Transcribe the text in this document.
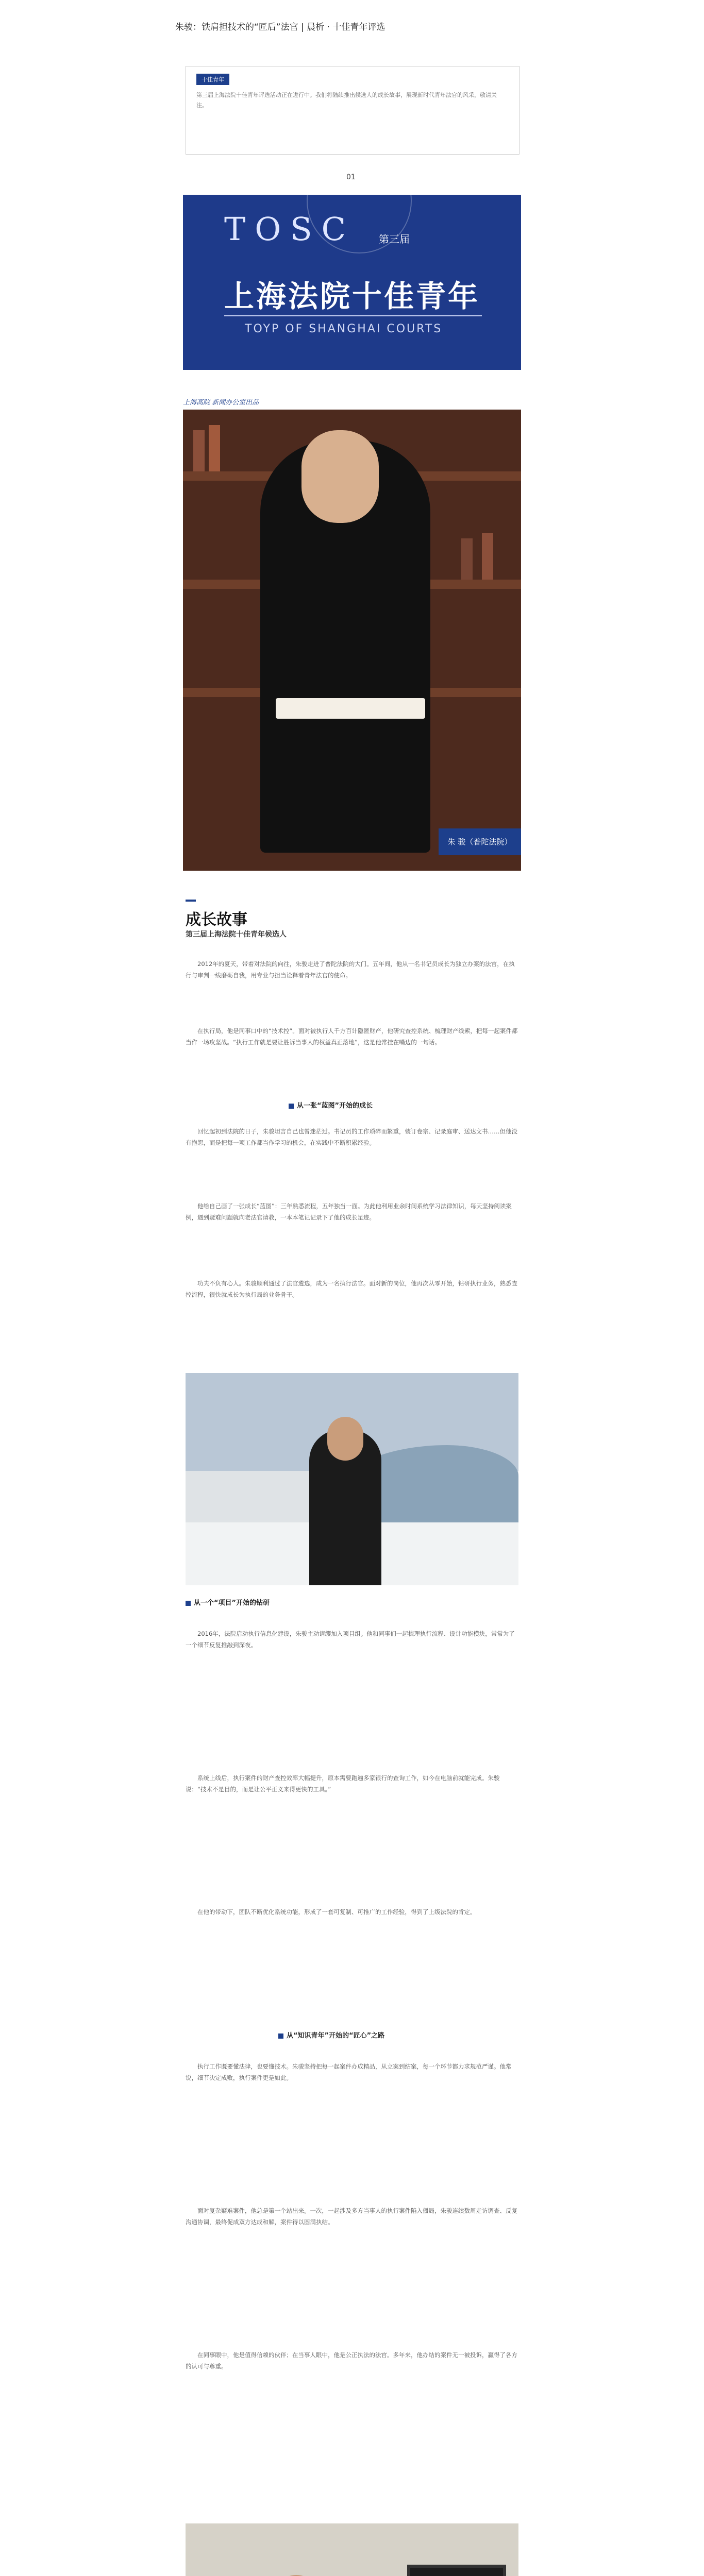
朱骏：铁肩担技术的“匠后”法官 | 晨析 · 十佳青年评选
十佳青年
第三届上海法院十佳青年评选活动正在进行中。我们将陆续推出候选人的成长故事，展现新时代青年法官的风采，敬请关注。
01
TOSC 第三届
上海法院十佳青年
TOYP OF SHANGHAI COURTS
上海高院 新闻办公室出品
朱 骏（普陀法院）
成长故事
第三届上海法院十佳青年候选人
2012年的夏天，带着对法院的向往，朱骏走进了普陀法院的大门。五年间，他从一名书记员成长为独立办案的法官，在执行与审判一线磨砺自我，用专业与担当诠释着青年法官的使命。
在执行局，他是同事口中的“技术控”。面对被执行人千方百计隐匿财产，他研究查控系统、梳理财产线索，把每一起案件都当作一场攻坚战。“执行工作就是要让胜诉当事人的权益真正落地”，这是他常挂在嘴边的一句话。
从一张“蓝图”开始的成长
回忆起初到法院的日子，朱骏坦言自己也曾迷茫过。书记员的工作琐碎而繁重，装订卷宗、记录庭审、送达文书……但他没有抱怨，而是把每一项工作都当作学习的机会，在实践中不断积累经验。
他给自己画了一张成长“蓝图”：三年熟悉流程，五年独当一面。为此他利用业余时间系统学习法律知识，每天坚持阅读案例，遇到疑难问题就向老法官请教，一本本笔记记录下了他的成长足迹。
功夫不负有心人。朱骏顺利通过了法官遴选，成为一名执行法官。面对新的岗位，他再次从零开始，钻研执行业务，熟悉查控流程，很快就成长为执行局的业务骨干。
从一个“项目”开始的钻研
2016年，法院启动执行信息化建设，朱骏主动请缨加入项目组。他和同事们一起梳理执行流程、设计功能模块，常常为了一个细节反复推敲到深夜。
系统上线后，执行案件的财产查控效率大幅提升，原本需要跑遍多家银行的查询工作，如今在电脑前就能完成。朱骏说：“技术不是目的，而是让公平正义来得更快的工具。”
在他的带动下，团队不断优化系统功能，形成了一套可复制、可推广的工作经验，得到了上级法院的肯定。
从“知识青年”开始的“匠心”之路
执行工作既要懂法律，也要懂技术。朱骏坚持把每一起案件办成精品，从立案到结案，每一个环节都力求规范严谨。他常说，细节决定成败，执行案件更是如此。
面对复杂疑难案件，他总是第一个站出来。一次，一起涉及多方当事人的执行案件陷入僵局，朱骏连续数周走访调查、反复沟通协调，最终促成双方达成和解，案件得以圆满执结。
在同事眼中，他是值得信赖的伙伴；在当事人眼中，他是公正执法的法官。多年来，他办结的案件无一被投诉，赢得了各方的认可与尊重。
